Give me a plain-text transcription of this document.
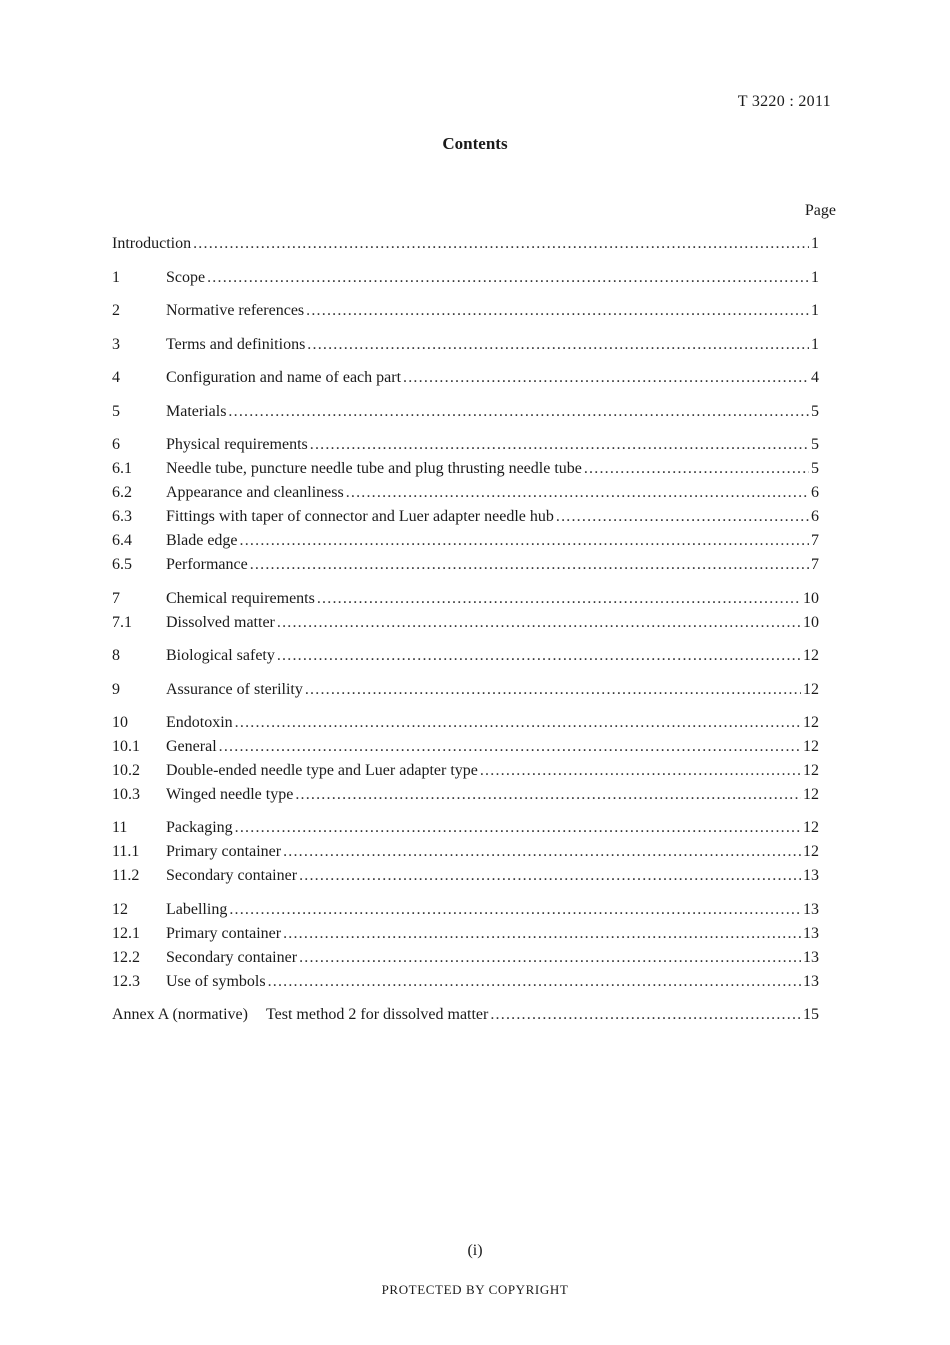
T 3220 : 2011
Contents
Page
Introduction .....	1
1	Scope .....	1
2	Normative references .....	1
3	Terms and definitions .....	1
4	Configuration and name of each part .....	4
5	Materials .....	5
6	Physical requirements .....	5
6.1	Needle tube, puncture needle tube and plug thrusting needle tube .....	5
6.2	Appearance and cleanliness .....	6
6.3	Fittings with taper of connector and Luer adapter needle hub .....	6
6.4	Blade edge .....	7
6.5	Performance .....	7
7	Chemical requirements .....	10
7.1	Dissolved matter .....	10
8	Biological safety .....	12
9	Assurance of sterility .....	12
10	Endotoxin .....	12
10.1	General .....	12
10.2	Double-ended needle type and Luer adapter type .....	12
10.3	Winged needle type .....	12
11	Packaging .....	12
11.1	Primary container .....	12
11.2	Secondary container .....	13
12	Labelling .....	13
12.1	Primary container .....	13
12.2	Secondary container .....	13
12.3	Use of symbols .....	13
Annex A (normative) Test method 2 for dissolved matter .....	15
(i)
PROTECTED BY COPYRIGHT
